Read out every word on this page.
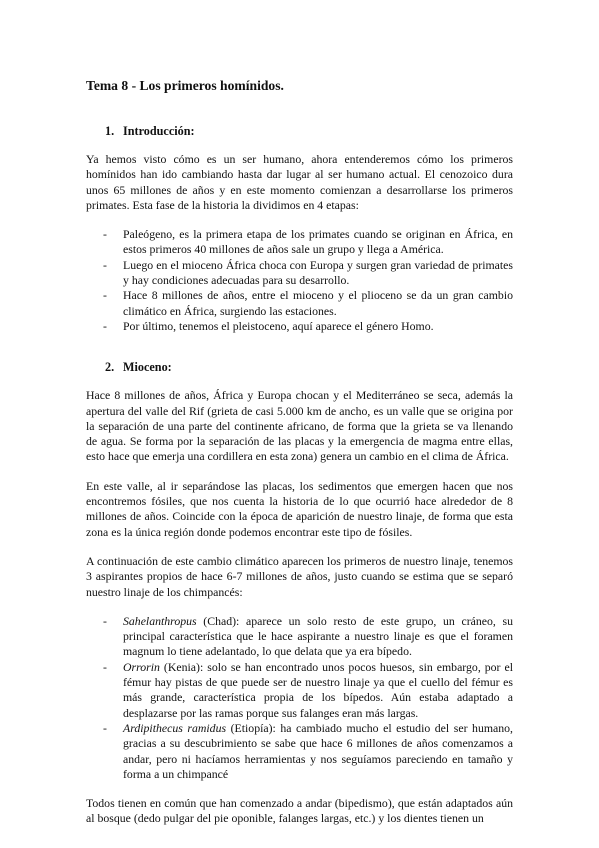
Tema 8 - Los primeros homínidos.
1. Introducción:

Ya hemos visto cómo es un ser humano, ahora entenderemos cómo los primeros homínidos han ido cambiando hasta dar lugar al ser humano actual. El cenozoico dura unos 65 millones de años y en este momento comienzan a desarrollarse los primeros primates. Esta fase de la historia la dividimos en 4 etapas:

- Paleógeno, es la primera etapa de los primates cuando se originan en África, en estos primeros 40 millones de años sale un grupo y llega a América.
- Luego en el mioceno África choca con Europa y surgen gran variedad de primates y hay condiciones adecuadas para su desarrollo.
- Hace 8 millones de años, entre el mioceno y el plioceno se da un gran cambio climático en África, surgiendo las estaciones.
- Por último, tenemos el pleistoceno, aquí aparece el género Homo.
2. Mioceno:

Hace 8 millones de años, África y Europa chocan y el Mediterráneo se seca, además la apertura del valle del Rif (grieta de casi 5.000 km de ancho, es un valle que se origina por la separación de una parte del continente africano, de forma que la grieta se va llenando de agua. Se forma por la separación de las placas y la emergencia de magma entre ellas, esto hace que emerja una cordillera en esta zona) genera un cambio en el clima de África.

En este valle, al ir separándose las placas, los sedimentos que emergen hacen que nos encontremos fósiles, que nos cuenta la historia de lo que ocurrió hace alrededor de 8 millones de años. Coincide con la época de aparición de nuestro linaje, de forma que esta zona es la única región donde podemos encontrar este tipo de fósiles.

A continuación de este cambio climático aparecen los primeros de nuestro linaje, tenemos 3 aspirantes propios de hace 6-7 millones de años, justo cuando se estima que se separó nuestro linaje de los chimpancés:

- Sahelanthropus (Chad): aparece un solo resto de este grupo, un cráneo, su principal característica que le hace aspirante a nuestro linaje es que el foramen magnum lo tiene adelantado, lo que delata que ya era bípedo.
- Orrorin (Kenia): solo se han encontrado unos pocos huesos, sin embargo, por el fémur hay pistas de que puede ser de nuestro linaje ya que el cuello del fémur es más grande, característica propia de los bípedos. Aún estaba adaptado a desplazarse por las ramas porque sus falanges eran más largas.
- Ardipithecus ramidus (Etiopía): ha cambiado mucho el estudio del ser humano, gracias a su descubrimiento se sabe que hace 6 millones de años comenzamos a andar, pero ni hacíamos herramientas y nos seguíamos pareciendo en tamaño y forma a un chimpancé

Todos tienen en común que han comenzado a andar (bipedismo), que están adaptados aún al bosque (dedo pulgar del pie oponible, falanges largas, etc.) y los dientes tienen un
